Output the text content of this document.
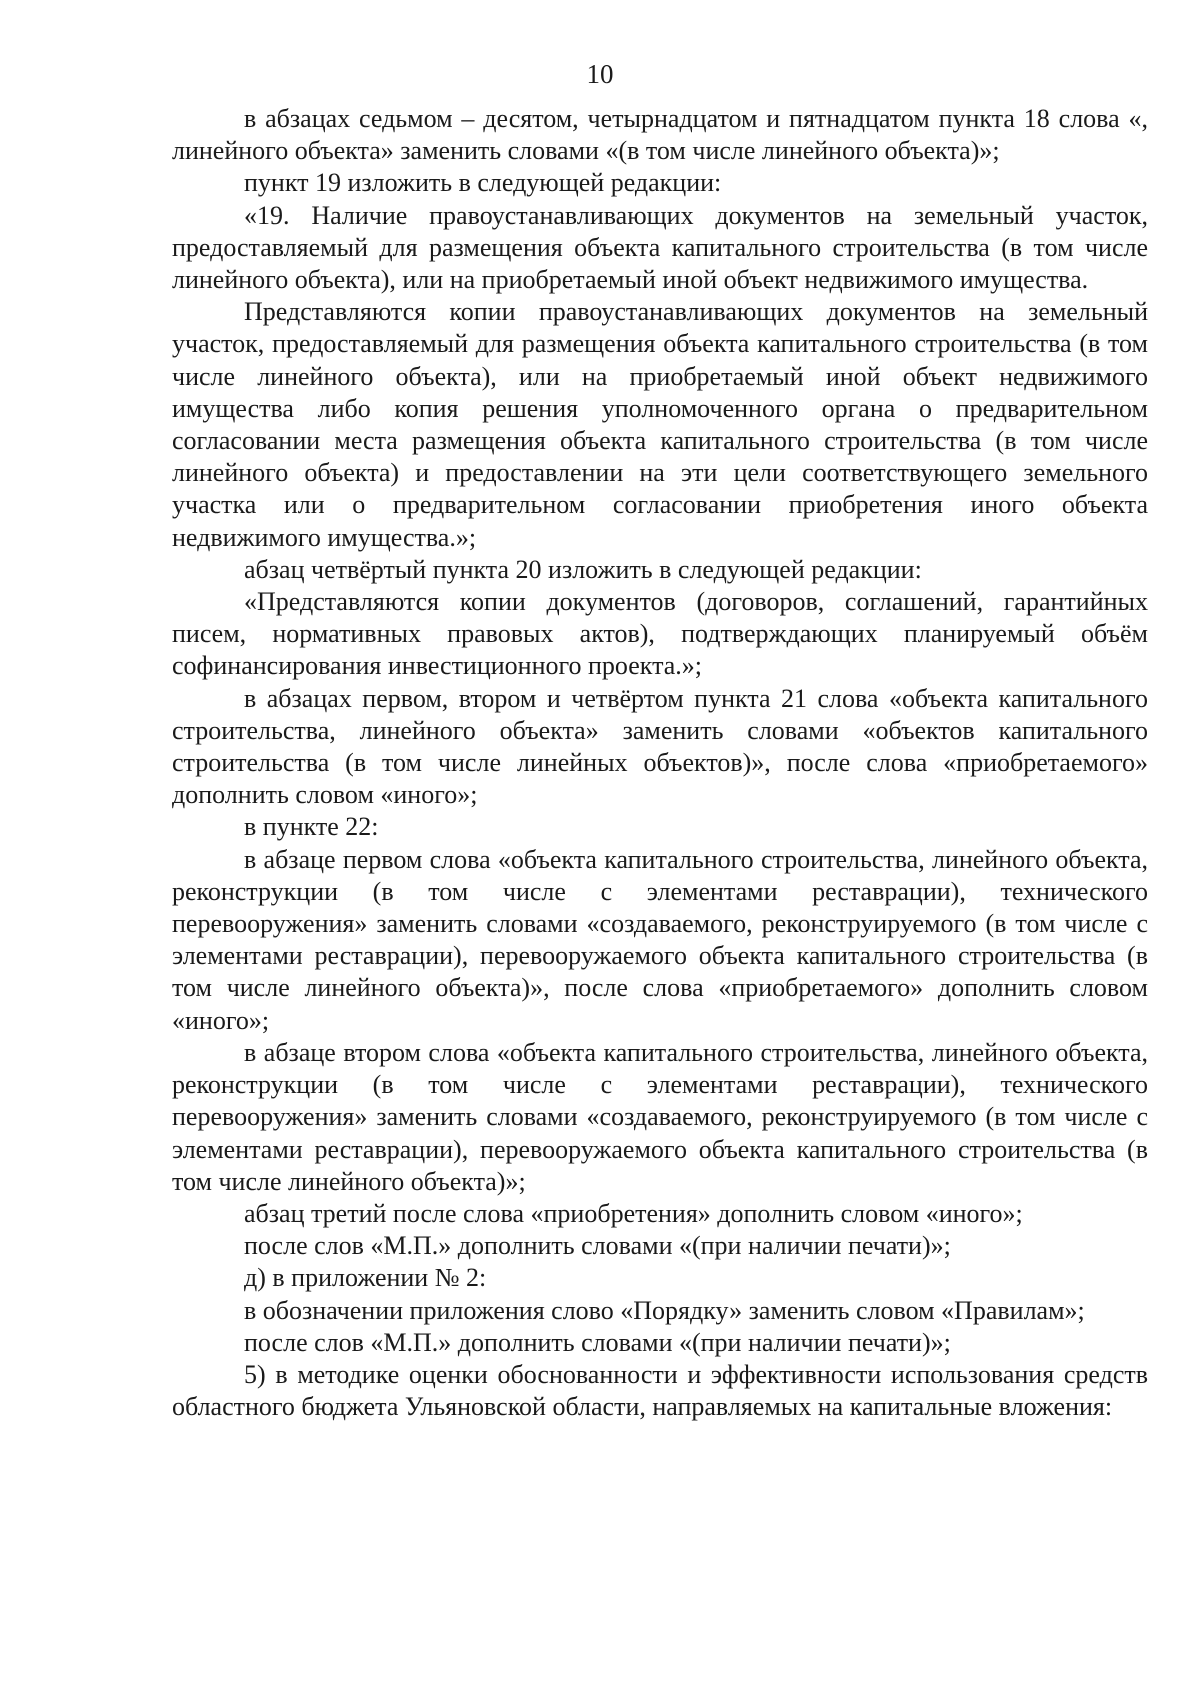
10

в абзацах седьмом – десятом, четырнадцатом и пятнадцатом пункта 18 слова «, линейного объекта» заменить словами «(в том числе линейного объекта)»;

пункт 19 изложить в следующей редакции:

«19. Наличие правоустанавливающих документов на земельный участок, предоставляемый для размещения объекта капитального строительства (в том числе линейного объекта), или на приобретаемый иной объект недвижимого имущества.

Представляются копии правоустанавливающих документов на земельный участок, предоставляемый для размещения объекта капитального строительства (в том числе линейного объекта), или на приобретаемый иной объект недвижимого имущества либо копия решения уполномоченного органа о предварительном согласовании места размещения объекта капитального строительства (в том числе линейного объекта) и предоставлении на эти цели соответствующего земельного участка или о предварительном согласовании приобретения иного объекта недвижимого имущества.»;

абзац четвёртый пункта 20 изложить в следующей редакции:

«Представляются копии документов (договоров, соглашений, гарантийных писем, нормативных правовых актов), подтверждающих планируемый объём софинансирования инвестиционного проекта.»;

в абзацах первом, втором и четвёртом пункта 21 слова «объекта капитального строительства, линейного объекта» заменить словами «объектов капитального строительства (в том числе линейных объектов)», после слова «приобретаемого» дополнить словом «иного»;

в пункте 22:

в абзаце первом слова «объекта капитального строительства, линейного объекта, реконструкции (в том числе с элементами реставрации), технического перевооружения» заменить словами «создаваемого, реконструируемого (в том числе с элементами реставрации), перевооружаемого объекта капитального строительства (в том числе линейного объекта)», после слова «приобретаемого» дополнить словом «иного»;

в абзаце втором слова «объекта капитального строительства, линейного объекта, реконструкции (в том числе с элементами реставрации), технического перевооружения» заменить словами «создаваемого, реконструируемого (в том числе с элементами реставрации), перевооружаемого объекта капитального строительства (в том числе линейного объекта)»;

абзац третий после слова «приобретения» дополнить словом «иного»;

после слов «М.П.» дополнить словами «(при наличии печати)»;

д) в приложении № 2:

в обозначении приложения слово «Порядку» заменить словом «Правилам»;

после слов «М.П.» дополнить словами «(при наличии печати)»;

5) в методике оценки обоснованности и эффективности использования средств областного бюджета Ульяновской области, направляемых на капитальные вложения:
